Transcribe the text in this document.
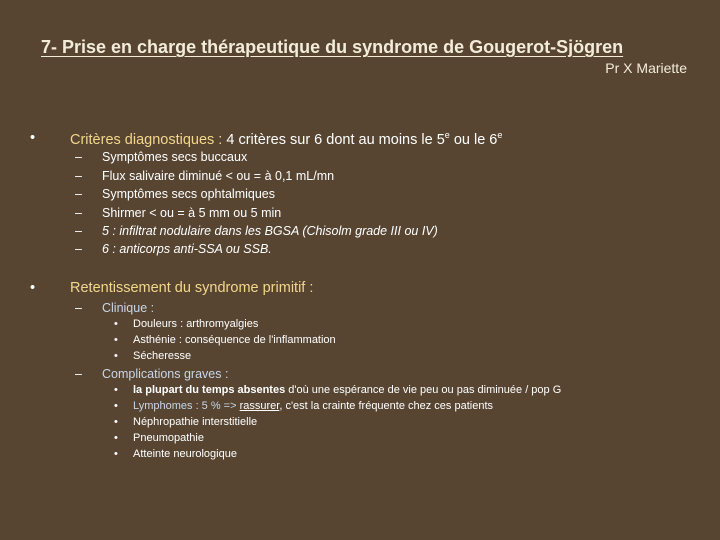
7- Prise en charge thérapeutique du syndrome de Gougerot-Sjögren
Pr X Mariette
• Critères diagnostiques : 4 critères sur 6 dont au moins le 5e ou le 6e
– Symptômes secs buccaux
– Flux salivaire diminué < ou = à 0,1 mL/mn
– Symptômes secs ophtalmiques
– Shirmer < ou = à 5 mm ou 5 min
– 5 : infiltrat nodulaire dans les BGSA (Chisolm grade III ou IV)
– 6 : anticorps anti-SSA ou SSB.
• Retentissement du syndrome primitif :
– Clinique :
• Douleurs : arthromyalgies
• Asthénie : conséquence de l'inflammation
• Sécheresse
– Complications graves :
• la plupart du temps absentes d'où une espérance de vie peu ou pas diminuée / pop G
• Lymphomes : 5 % => rassurer, c'est la crainte fréquente chez ces patients
• Néphropathie interstitielle
• Pneumopathie
• Atteinte neurologique
